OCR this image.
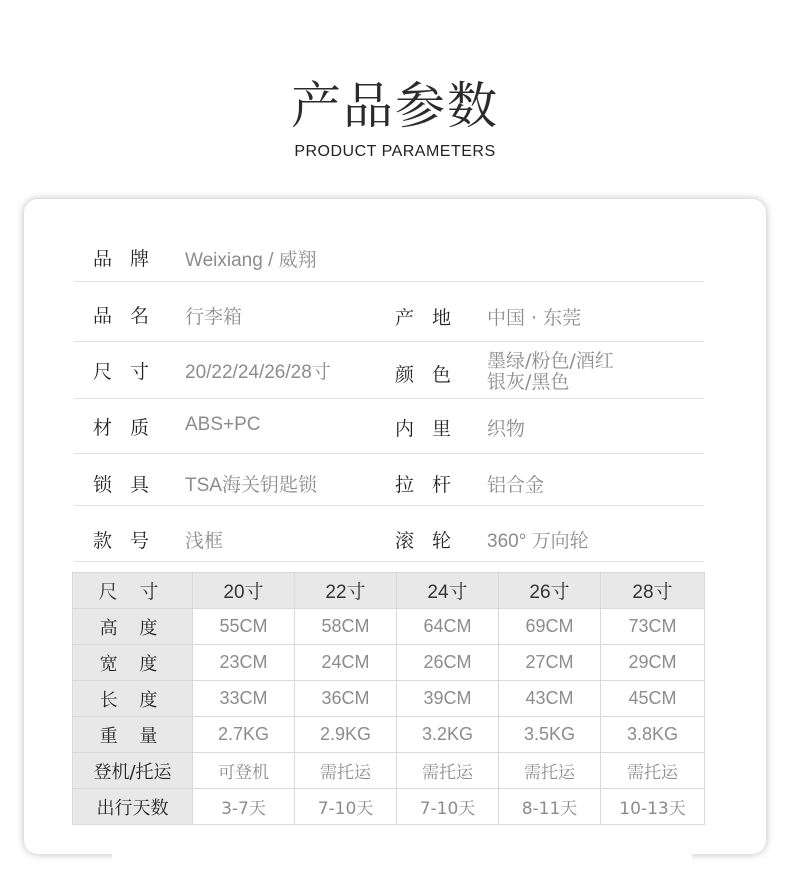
产品参数
PRODUCT PARAMETERS
品 牌 Weixiang / 威翔
品 名 行李箱	产 地 中国 · 东莞
尺 寸 20/22/24/26/28寸	颜 色
墨绿/粉色/酒红
银灰/黑色
材 质 ABS+PC	内 里 织物
锁 具 TSA海关钥匙锁	拉 杆 铝合金
款 号 浅框	滚 轮 360° 万向轮
尺 寸	20寸	22寸	24寸	26寸	28寸
高 度	55CM	58CM	64CM	69CM	73CM
宽 度	23CM	24CM	26CM	27CM	29CM
长 度	33CM	36CM	39CM	43CM	45CM
重 量	2.7KG	2.9KG	3.2KG	3.5KG	3.8KG
登机/托运	可登机	需托运	需托运	需托运	需托运
出行天数	3-7天	7-10天	7-10天	8-11天	10-13天
